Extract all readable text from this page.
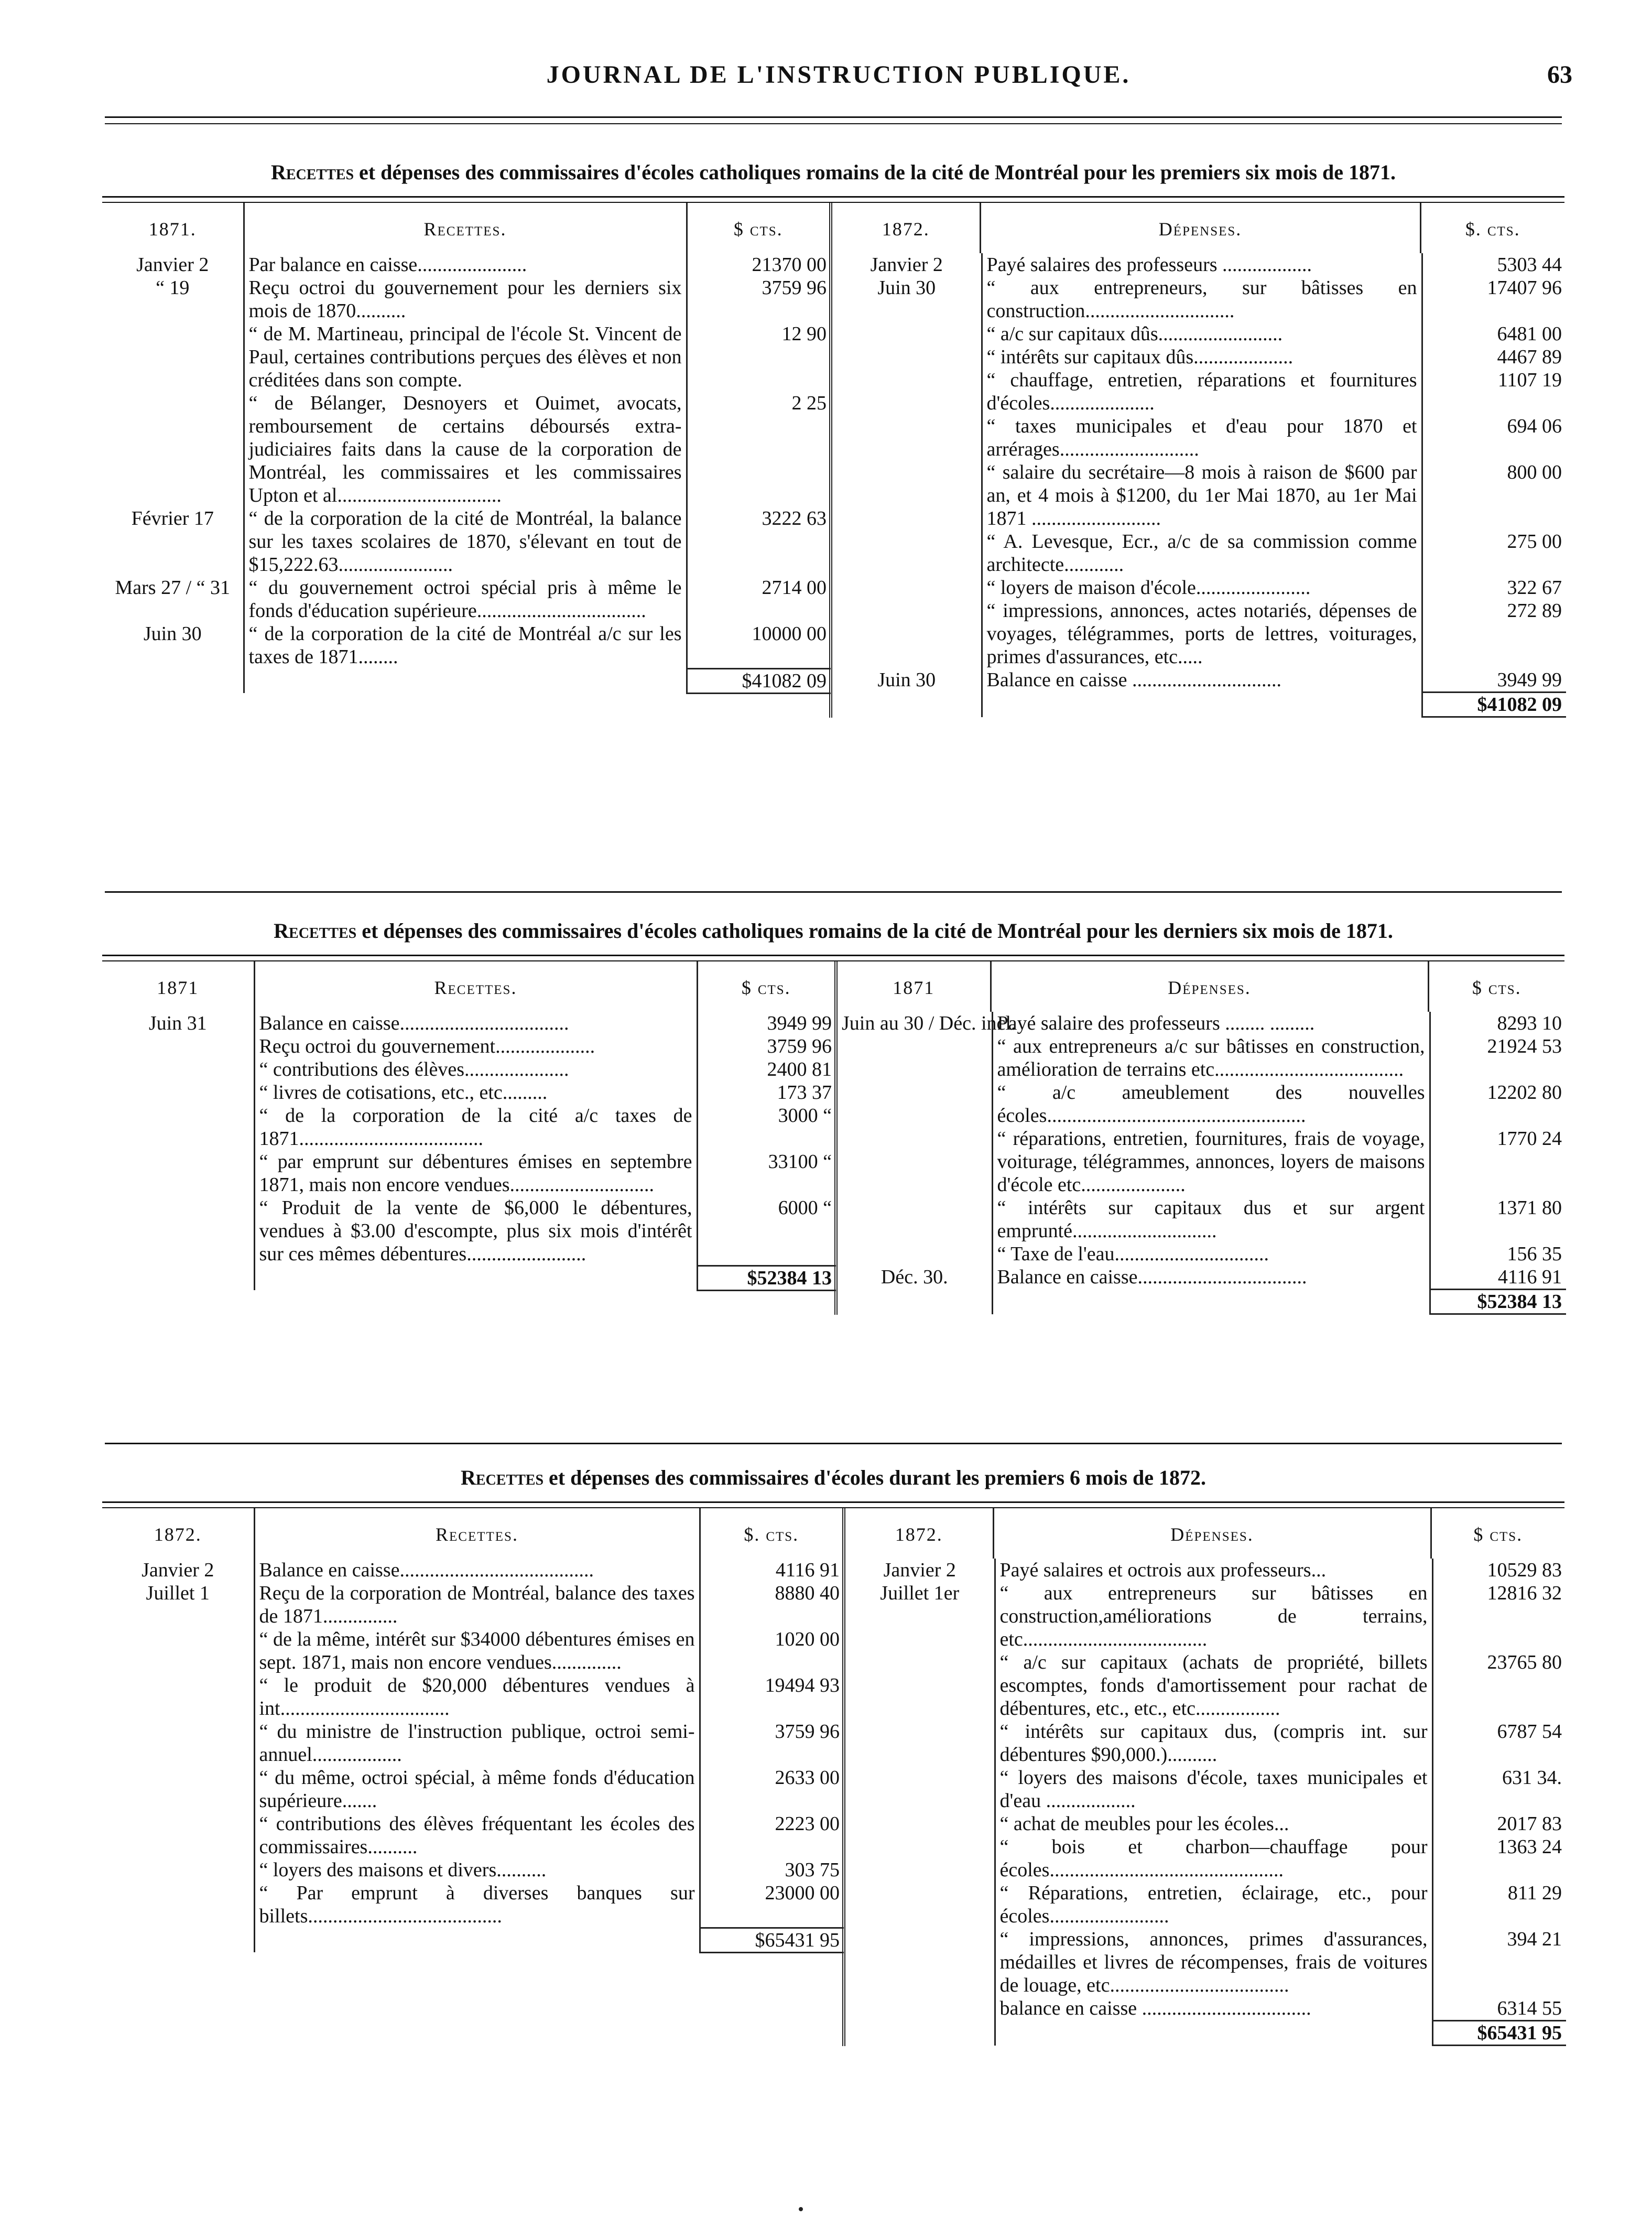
JOURNAL DE L'INSTRUCTION PUBLIQUE.	63
Recettes et dépenses des commissaires d'écoles catholiques romains de la cité de Montréal pour les premiers six mois de 1871.
1871.	Recettes.	$ cts.	1872.	Dépenses.	$. cts.

Janvier 2	Par balance en caisse......................	21370 00
“ 19	Reçu octroi du gouvernement pour les derniers six mois de 1870..........	3759 96
	“ de M. Martineau, principal de l'école St. Vincent de Paul, certaines contributions perçues des élèves et non créditées dans son compte.	12 90
	“ de Bélanger, Desnoyers et Ouimet, avocats, remboursement de certains déboursés extra-judiciaires faits dans la cause de la corporation de Montréal, les commissaires et les commissaires Upton et al.................................	2 25
Février 17	“ de la corporation de la cité de Montréal, la balance sur les taxes scolaires de 1870, s'élevant en tout de $15,222.63.......................	3222 63
Mars 27 / “ 31	“ du gouvernement octroi spécial pris à même le fonds d'éducation supérieure..................................	2714 00
Juin 30	“ de la corporation de la cité de Montréal a/c sur les taxes de 1871........	10000 00
		$41082 09

Janvier 2	Payé salaires des professeurs ..................	5303 44
Juin 30	“ aux entrepreneurs, sur bâtisses en construction..............................	17407 96
	“ a/c sur capitaux dûs.........................	6481 00
	“ intérêts sur capitaux dûs....................	4467 89
	“ chauffage, entretien, réparations et fournitures d'écoles.....................	1107 19
	“ taxes municipales et d'eau pour 1870 et arrérages............................	694 06
	“ salaire du secrétaire—8 mois à raison de $600 par an, et 4 mois à $1200, du 1er Mai 1870, au 1er Mai 1871 ..........................	800 00
	“ A. Levesque, Ecr., a/c de sa commission comme architecte............	275 00
	“ loyers de maison d'école.......................	322 67
	“ impressions, annonces, actes notariés, dépenses de voyages, télégrammes, ports de lettres, voiturages, primes d'assurances, etc.....	272 89
Juin 30	Balance en caisse ..............................	3949 99
		$41082 09
Recettes et dépenses des commissaires d'écoles catholiques romains de la cité de Montréal pour les derniers six mois de 1871.
1871	Recettes.	$ cts.	1871	Dépenses.	$ cts.

Juin 31	Balance en caisse..................................	3949 99
	Reçu octroi du gouvernement....................	3759 96
	“ contributions des élèves.....................	2400 81
	“ livres de cotisations, etc., etc.........	173 37
	“ de la corporation de la cité a/c taxes de 1871.....................................	3000 “
	“ par emprunt sur débentures émises en septembre 1871, mais non encore vendues.............................	33100 “
	“ Produit de la vente de $6,000 le débentures, vendues à $3.00 d'escompte, plus six mois d'intérêt sur ces mêmes débentures........................	6000 “
		$52384 13

Juin au 30 / Déc. incl.	Payé salaire des professeurs ........ .........	8293 10
	“ aux entrepreneurs a/c sur bâtisses en construction, amélioration de terrains etc......................................	21924 53
	“ a/c ameublement des nouvelles écoles....................................................	12202 80
	“ réparations, entretien, fournitures, frais de voyage, voiturage, télégrammes, annonces, loyers de maisons d'école etc.....................	1770 24
	“ intérêts sur capitaux dus et sur argent emprunté.............................	1371 80
	“ Taxe de l'eau...............................	156 35
Déc. 30.	Balance en caisse..................................	4116 91
		$52384 13
Recettes et dépenses des commissaires d'écoles durant les premiers 6 mois de 1872.
1872.	Recettes.	$. cts.	1872.	Dépenses.	$ cts.

Janvier 2	Balance en caisse.......................................	4116 91
Juillet 1	Reçu de la corporation de Montréal, balance des taxes de 1871...............	8880 40
	“ de la même, intérêt sur $34000 débentures émises en sept. 1871, mais non encore vendues..............	1020 00
	“ le produit de $20,000 débentures vendues à int..................................	19494 93
	“ du ministre de l'instruction publique, octroi semi-annuel..................	3759 96
	“ du même, octroi spécial, à même fonds d'éducation supérieure.......	2633 00
	“ contributions des élèves fréquentant les écoles des commissaires..........	2223 00
	“ loyers des maisons et divers..........	303 75
	“ Par emprunt à diverses banques sur billets.......................................	23000 00
		$65431 95

Janvier 2	Payé salaires et octrois aux professeurs...	10529 83
Juillet 1er	“ aux entrepreneurs sur bâtisses en construction,améliorations de terrains, etc.....................................	12816 32
	“ a/c sur capitaux (achats de propriété, billets escomptes, fonds d'amortissement pour rachat de débentures, etc., etc., etc.................	23765 80
	“ intérêts sur capitaux dus, (compris int. sur débentures $90,000.)..........	6787 54
	“ loyers des maisons d'école, taxes municipales et d'eau ..................	631 34.
	“ achat de meubles pour les écoles...	2017 83
	“ bois et charbon—chauffage pour écoles...............................................	1363 24
	“ Réparations, entretien, éclairage, etc., pour écoles........................	811 29
	“ impressions, annonces, primes d'assurances, médailles et livres de récompenses, frais de voitures de louage, etc....................................	394 21
	balance en caisse ..................................	6314 55
		$65431 95
